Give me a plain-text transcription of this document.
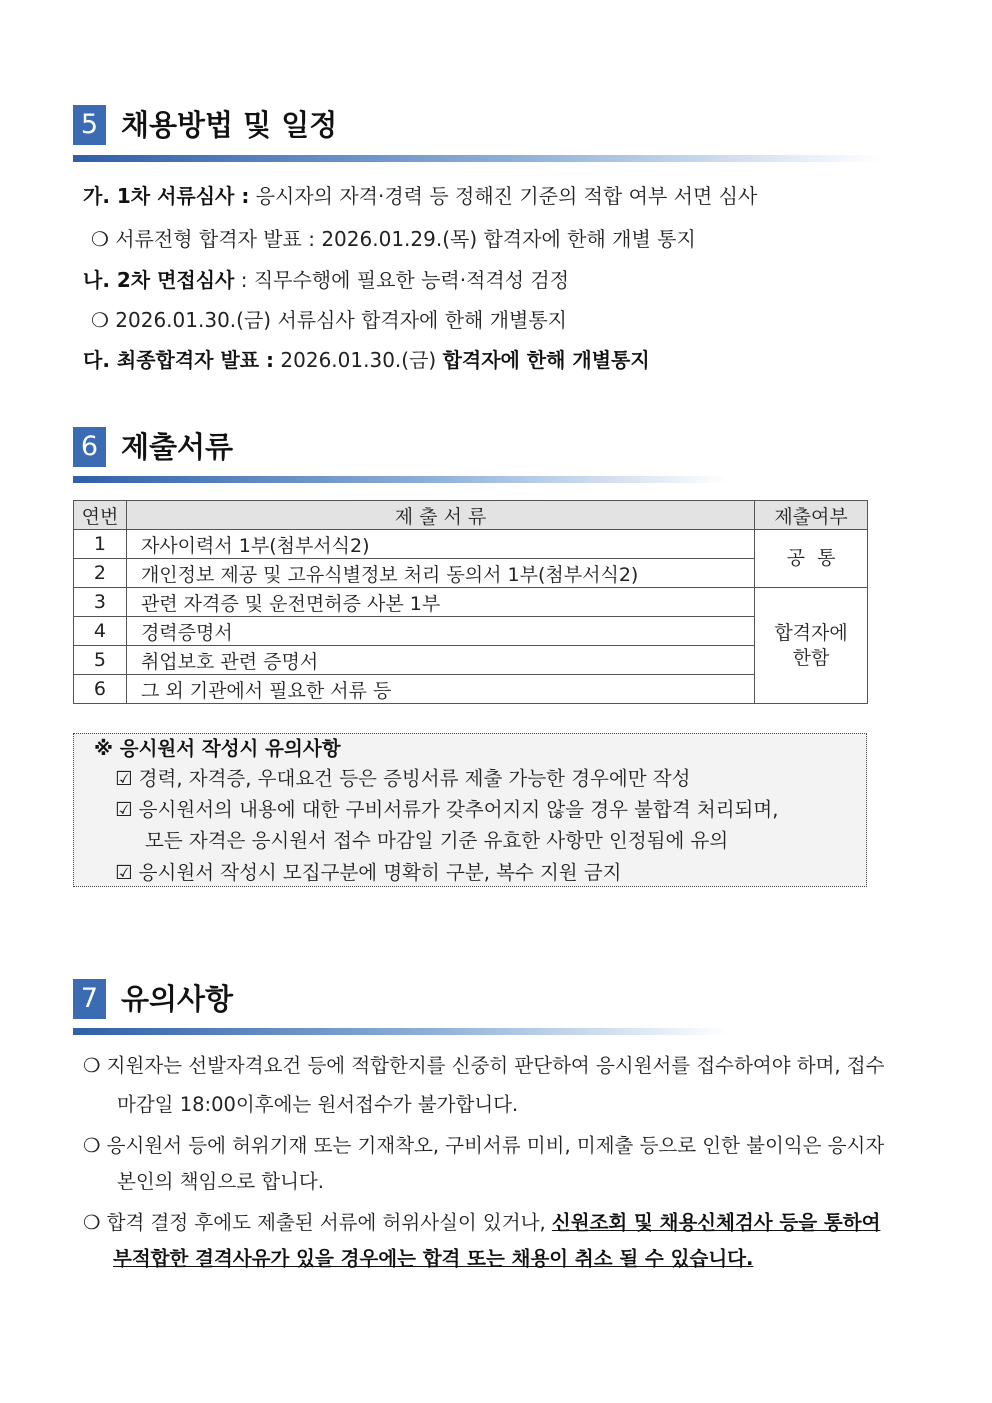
5 채용방법 및 일정
가. 1차 서류심사 : 응시자의 자격·경력 등 정해진 기준의 적합 여부 서면 심사
❍ 서류전형 합격자 발표 : 2026.01.29.(목) 합격자에 한해 개별 통지
나. 2차 면접심사 : 직무수행에 필요한 능력·적격성 검정
❍ 2026.01.30.(금) 서류심사 합격자에 한해 개별통지
다. 최종합격자 발표 : 2026.01.30.(금) 합격자에 한해 개별통지
6 제출서류
연번	제 출 서 류	제출여부
1	자사이력서 1부(첨부서식2)	공  통
2	개인정보 제공 및 고유식별정보 처리 동의서 1부(첨부서식2)	
3	관련 자격증 및 운전면허증 사본 1부	합격자에
한함

4	경력증명서	
5	취업보호 관련 증명서	
6	그 외 기관에서 필요한 서류 등	
※ 응시원서 작성시 유의사항
☑ 경력, 자격증, 우대요건 등은 증빙서류 제출 가능한 경우에만 작성
☑ 응시원서의 내용에 대한 구비서류가 갖추어지지 않을 경우 불합격 처리되며,
모든 자격은 응시원서 접수 마감일 기준 유효한 사항만 인정됨에 유의
☑ 응시원서 작성시 모집구분에 명확히 구분, 복수 지원 금지
7 유의사항
❍ 지원자는 선발자격요건 등에 적합한지를 신중히 판단하여 응시원서를 접수하여야 하며, 접수
마감일 18:00이후에는 원서접수가 불가합니다.
❍ 응시원서 등에 허위기재 또는 기재착오, 구비서류 미비, 미제출 등으로 인한 불이익은 응시자
본인의 책임으로 합니다.
❍ 합격 결정 후에도 제출된 서류에 허위사실이 있거나, 신원조회 및 채용신체검사 등을 통하여
부적합한 결격사유가 있을 경우에는 합격 또는 채용이 취소 될 수 있습니다.
